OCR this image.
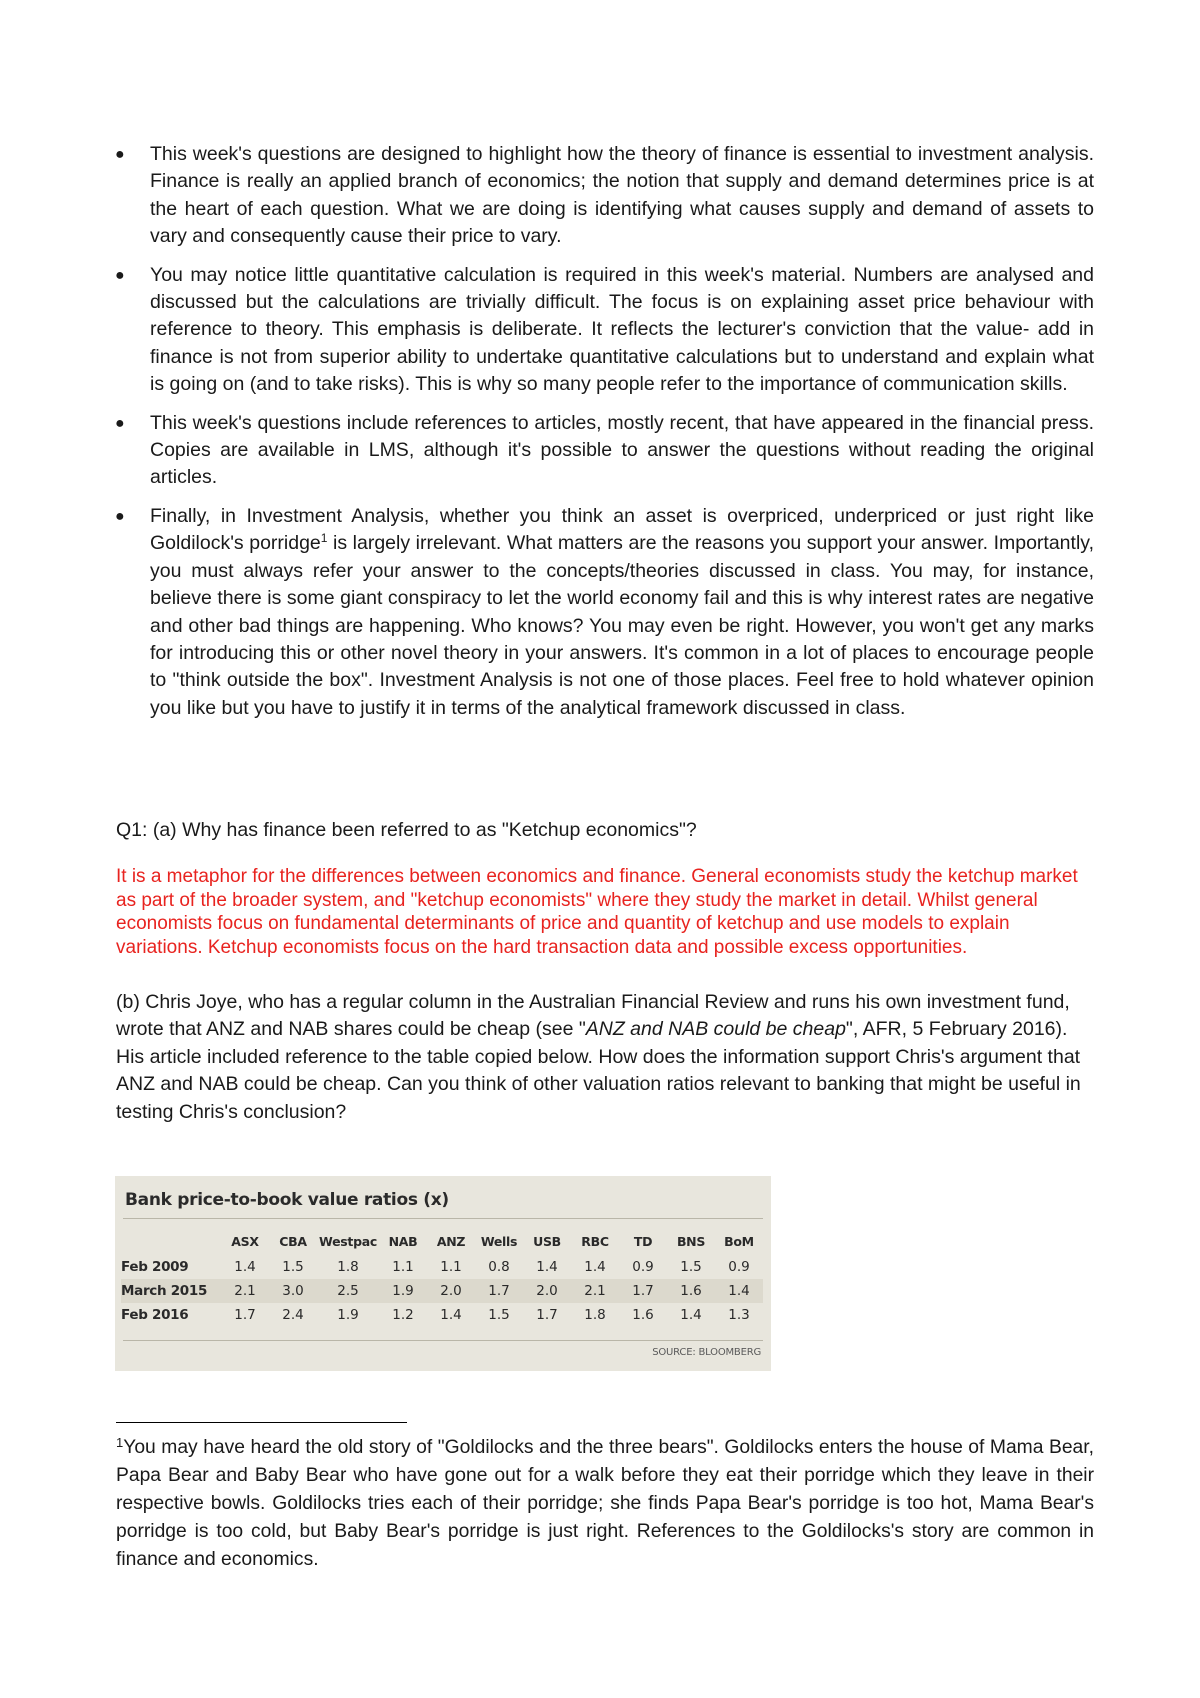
● This week's questions are designed to highlight how the theory of finance is essential to investment analysis. Finance is really an applied branch of economics; the notion that supply and demand determines price is at the heart of each question. What we are doing is identifying what causes supply and demand of assets to vary and consequently cause their price to vary.
● You may notice little quantitative calculation is required in this week's material. Numbers are analysed and discussed but the calculations are trivially difficult. The focus is on explaining asset price behaviour with reference to theory. This emphasis is deliberate. It reflects the lecturer's conviction that the value- add in finance is not from superior ability to undertake quantitative calculations but to understand and explain what is going on (and to take risks). This is why so many people refer to the importance of communication skills.
● This week's questions include references to articles, mostly recent, that have appeared in the financial press. Copies are available in LMS, although it's possible to answer the questions without reading the original articles.
● Finally, in Investment Analysis, whether you think an asset is overpriced, underpriced or just right like Goldilock's porridge$^1$ is largely irrelevant. What matters are the reasons you support your answer. Importantly, you must always refer your answer to the concepts/theories discussed in class. You may, for instance, believe there is some giant conspiracy to let the world economy fail and this is why interest rates are negative and other bad things are happening. Who knows? You may even be right. However, you won't get any marks for introducing this or other novel theory in your answers. It's common in a lot of places to encourage people to "think outside the box". Investment Analysis is not one of those places. Feel free to hold whatever opinion you like but you have to justify it in terms of the analytical framework discussed in class.
Q1: (a) Why has finance been referred to as "Ketchup economics"?
It is a metaphor for the differences between economics and finance. General economists study the ketchup market as part of the broader system, and "ketchup economists" where they study the market in detail. Whilst general economists focus on fundamental determinants of price and quantity of ketchup and use models to explain variations. Ketchup economists focus on the hard transaction data and possible excess opportunities.
(b) Chris Joye, who has a regular column in the Australian Financial Review and runs his own investment fund, wrote that ANZ and NAB shares could be cheap (see "ANZ and NAB could be cheap", AFR, 5 February 2016). His article included reference to the table copied below. How does the information support Chris's argument that ANZ and NAB could be cheap. Can you think of other valuation ratios relevant to banking that might be useful in testing Chris's conclusion?
Bank price-to-book value ratios (x)
	ASX	CBA	Westpac	NAB	ANZ	Wells	USB	RBC	TD	BNS	BoM
Feb 2009	1.4	1.5	1.8	1.1	1.1	0.8	1.4	1.4	0.9	1.5	0.9
March 2015	2.1	3.0	2.5	1.9	2.0	1.7	2.0	2.1	1.7	1.6	1.4
Feb 2016	1.7	2.4	1.9	1.2	1.4	1.5	1.7	1.8	1.6	1.4	1.3
SOURCE: BLOOMBERG
$^1$You may have heard the old story of "Goldilocks and the three bears". Goldilocks enters the house of Mama Bear, Papa Bear and Baby Bear who have gone out for a walk before they eat their porridge which they leave in their respective bowls. Goldilocks tries each of their porridge; she finds Papa Bear's porridge is too hot, Mama Bear's porridge is too cold, but Baby Bear's porridge is just right. References to the Goldilocks's story are common in finance and economics.
